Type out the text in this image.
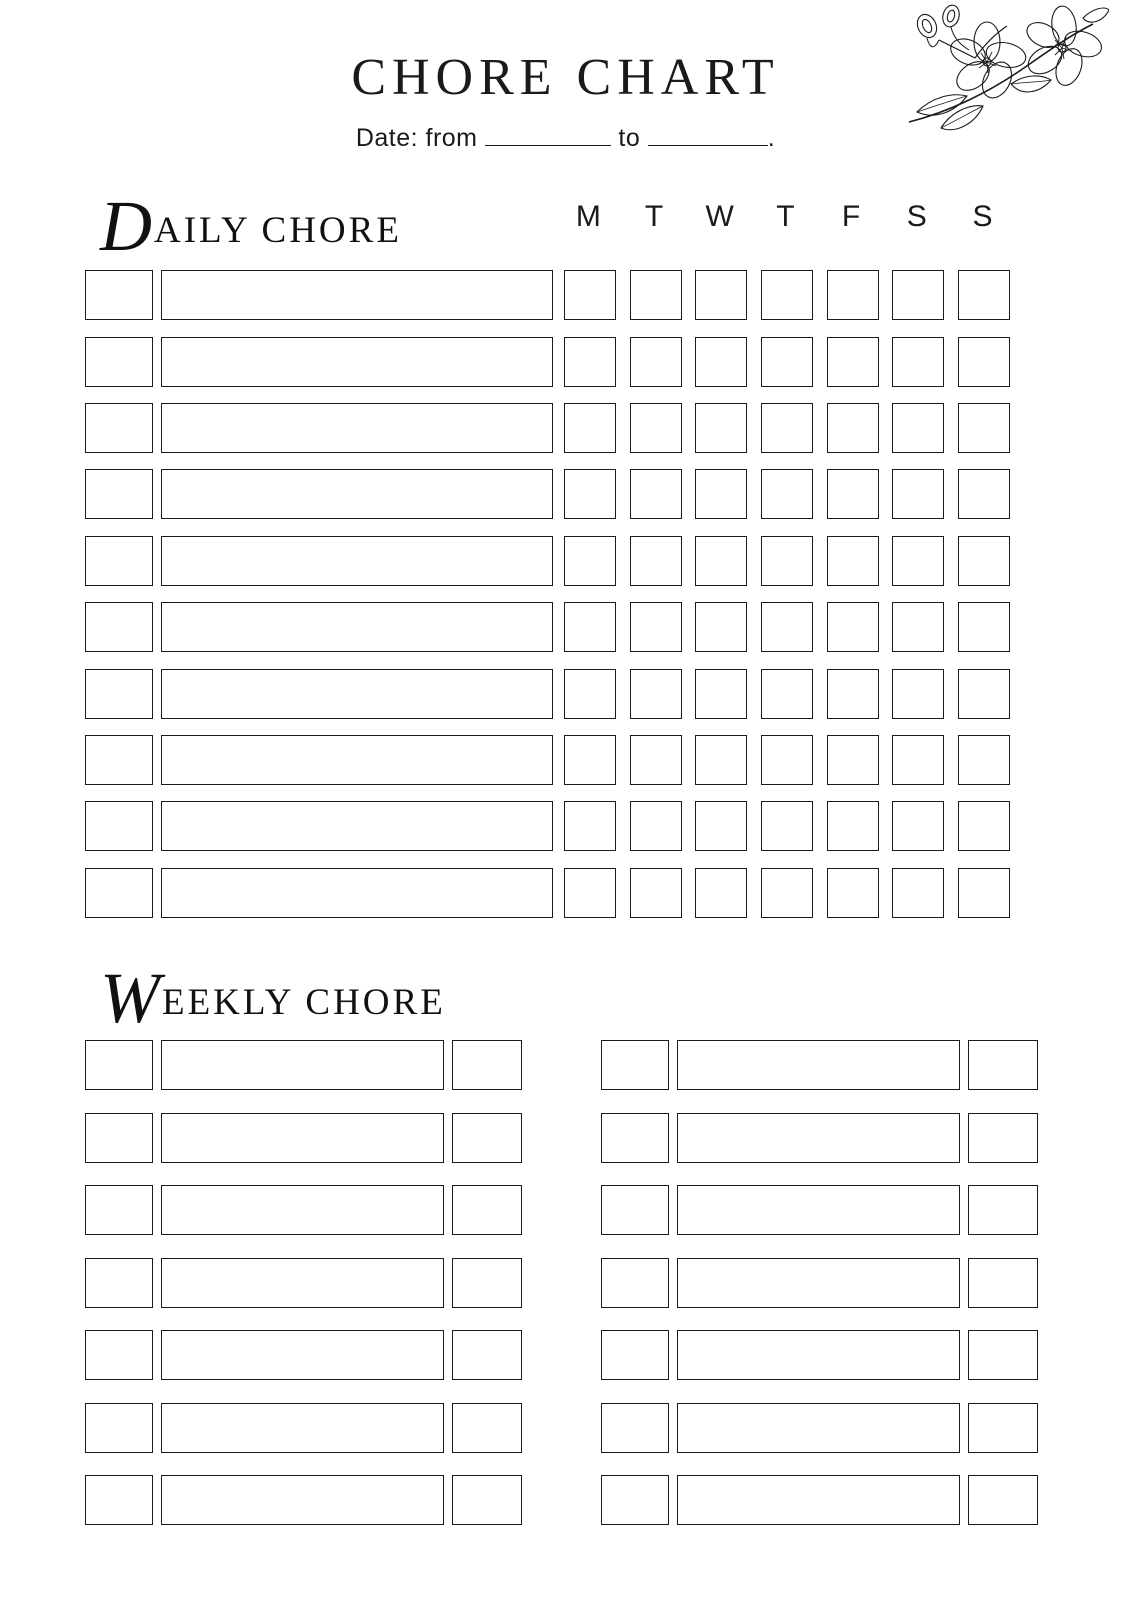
CHORE CHART
Date: from	to	.
D AILY CHORE	M	T	W	T	F	S	S
W EEKLY CHORE
